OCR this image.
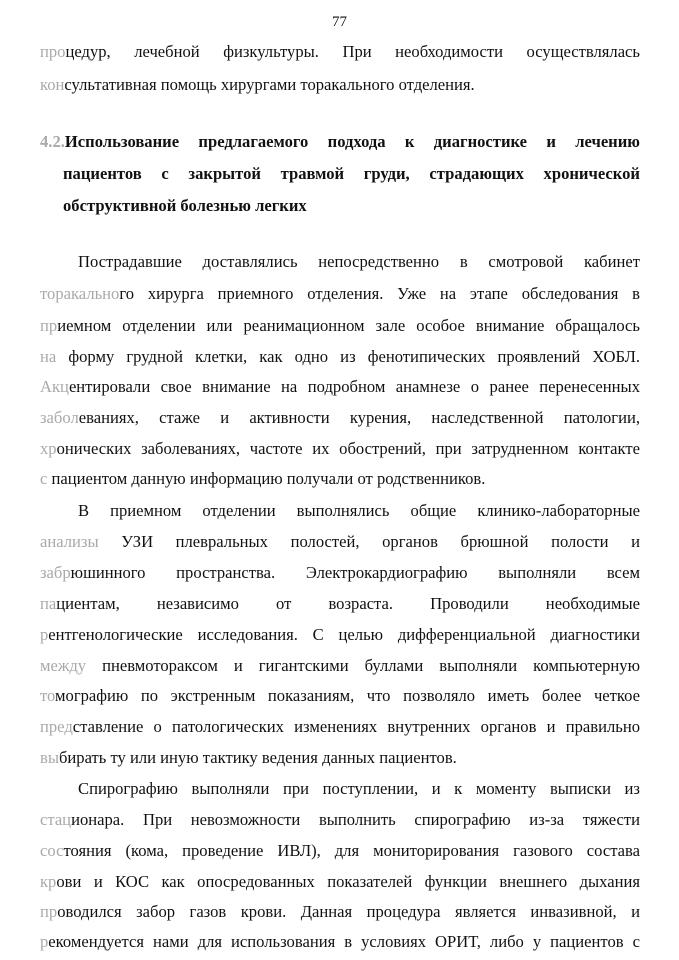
77
процедур, лечебной физкультуры. При необходимости осуществлялась
консультативная помощь хирургами торакального отделения.
4.2.Использование предлагаемого подхода к диагностике и лечению
пациентов с закрытой травмой груди, страдающих хронической
обструктивной болезнью легких
Пострадавшие доставлялись непосредственно в смотровой кабинет
торакального хирурга приемного отделения. Уже на этапе обследования в
приемном отделении или реанимационном зале особое внимание обращалось
на форму грудной клетки, как одно из фенотипических проявлений ХОБЛ.
Акцентировали свое внимание на подробном анамнезе о ранее перенесенных
заболеваниях, стаже и активности курения, наследственной патологии,
хронических заболеваниях, частоте их обострений, при затрудненном контакте
с пациентом данную информацию получали от родственников.
В приемном отделении выполнялись общие клинико-лабораторные
анализы УЗИ плевральных полостей, органов брюшной полости и
забрюшинного пространства. Электрокардиографию выполняли всем
пациентам, независимо от возраста. Проводили необходимые
рентгенологические исследования. С целью дифференциальной диагностики
между пневмотораксом и гигантскими буллами выполняли компьютерную
томографию по экстренным показаниям, что позволяло иметь более четкое
представление о патологических изменениях внутренних органов и правильно
выбирать ту или иную тактику ведения данных пациентов.
Спирографию выполняли при поступлении, и к моменту выписки из
стационара. При невозможности выполнить спирографию из-за тяжести
состояния (кома, проведение ИВЛ), для мониторирования газового состава
крови и КОС как опосредованных показателей функции внешнего дыхания
проводился забор газов крови. Данная процедура является инвазивной, и
рекомендуется нами для использования в условиях ОРИТ, либо у пациентов с
